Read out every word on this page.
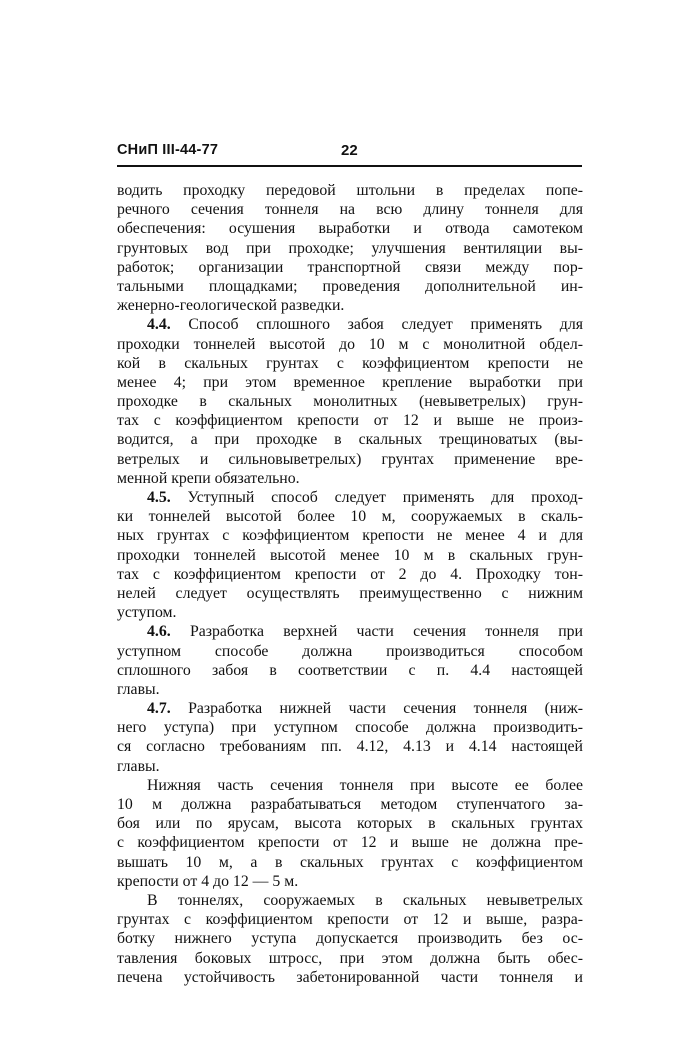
СНиП III-44-77	22
водить проходку передовой штольни в пределах попе-
речного сечения тоннеля на всю длину тоннеля для
обеспечения: осушения выработки и отвода самотеком
грунтовых вод при проходке; улучшения вентиляции вы-
работок; организации транспортной связи между пор-
тальными площадками; проведения дополнительной ин-
женерно-геологической разведки.
4.4. Способ сплошного забоя следует применять для
проходки тоннелей высотой до 10 м с монолитной обдел-
кой в скальных грунтах с коэффициентом крепости не
менее 4; при этом временное крепление выработки при
проходке в скальных монолитных (невыветрелых) грун-
тах с коэффициентом крепости от 12 и выше не произ-
водится, а при проходке в скальных трещиноватых (вы-
ветрелых и сильновыветрелых) грунтах применение вре-
менной крепи обязательно.
4.5. Уступный способ следует применять для проход-
ки тоннелей высотой более 10 м, сооружаемых в скаль-
ных грунтах с коэффициентом крепости не менее 4 и для
проходки тоннелей высотой менее 10 м в скальных грун-
тах с коэффициентом крепости от 2 до 4. Проходку тон-
нелей следует осуществлять преимущественно с нижним
уступом.
4.6. Разработка верхней части сечения тоннеля при
уступном способе должна производиться способом
сплошного забоя в соответствии с п. 4.4 настоящей
главы.
4.7. Разработка нижней части сечения тоннеля (ниж-
него уступа) при уступном способе должна производить-
ся согласно требованиям пп. 4.12, 4.13 и 4.14 настоящей
главы.
Нижняя часть сечения тоннеля при высоте ее более
10 м должна разрабатываться методом ступенчатого за-
боя или по ярусам, высота которых в скальных грунтах
с коэффициентом крепости от 12 и выше не должна пре-
вышать 10 м, а в скальных грунтах с коэффициентом
крепости от 4 до 12 — 5 м.
В тоннелях, сооружаемых в скальных невыветрелых
грунтах с коэффициентом крепости от 12 и выше, разра-
ботку нижнего уступа допускается производить без ос-
тавления боковых штросс, при этом должна быть обес-
печена устойчивость забетонированной части тоннеля и
